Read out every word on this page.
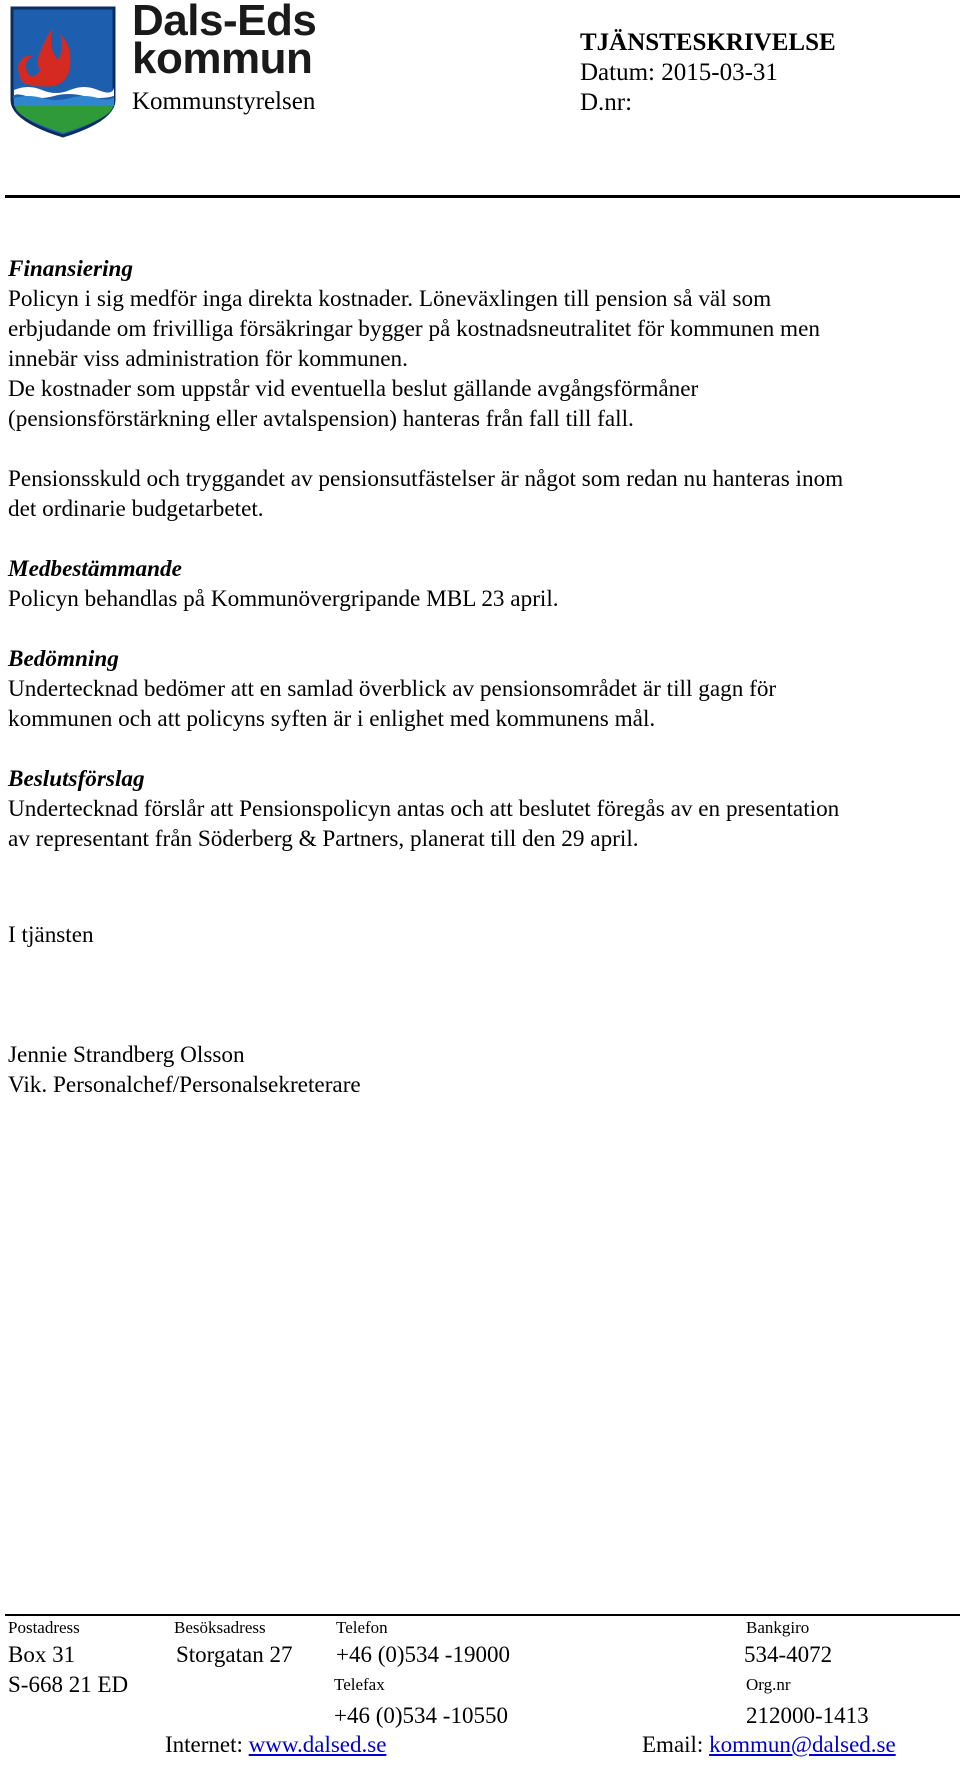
Dals-Eds
kommun
Kommunstyrelsen
TJÄNSTESKRIVELSE
Datum: 2015-03-31
D.nr:
Finansiering
Policyn i sig medför inga direkta kostnader. Löneväxlingen till pension så väl som
erbjudande om frivilliga försäkringar bygger på kostnadsneutralitet för kommunen men
innebär viss administration för kommunen.
De kostnader som uppstår vid eventuella beslut gällande avgångsförmåner
(pensionsförstärkning eller avtalspension) hanteras från fall till fall.
Pensionsskuld och tryggandet av pensionsutfästelser är något som redan nu hanteras inom
det ordinarie budgetarbetet.
Medbestämmande
Policyn behandlas på Kommunövergripande MBL 23 april.
Bedömning
Undertecknad bedömer att en samlad överblick av pensionsområdet är till gagn för
kommunen och att policyns syften är i enlighet med kommunens mål.
Beslutsförslag
Undertecknad förslår att Pensionspolicyn antas och att beslutet föregås av en presentation
av representant från Söderberg & Partners, planerat till den 29 april.
I tjänsten
Jennie Strandberg Olsson
Vik. Personalchef/Personalsekreterare
Postadress
Box 31
S-668 21 ED
Besöksadress
Storgatan 27
Telefon
+46 (0)534 -19000
Telefax
+46 (0)534 -10550
Bankgiro
534-4072
Org.nr
212000-1413
Internet: www.dalsed.se	Email: kommun@dalsed.se
